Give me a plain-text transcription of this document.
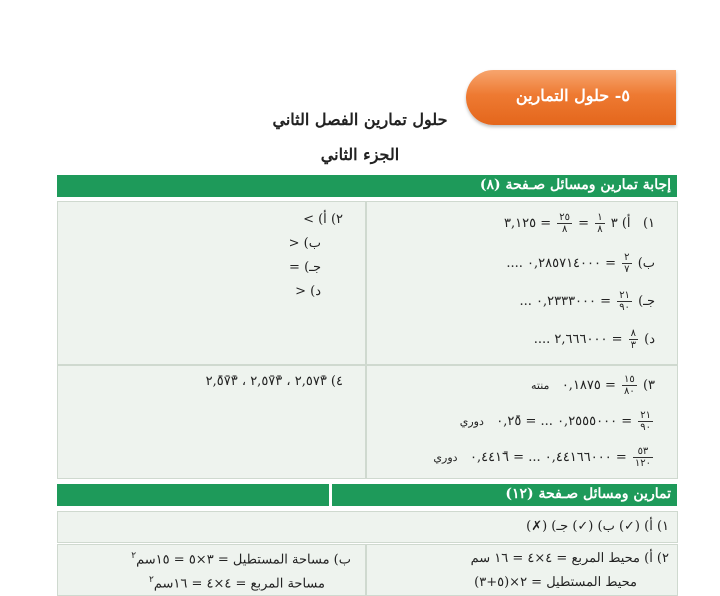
٥- حلول التمارين
حلول تمارين الفصل الثاني
الجزء الثاني
إجابة تمارين ومسائل صـفحة (٨)
١)   أ) ٣
$\frac{١}{٨}$
=
$\frac{٢٥}{٨}$
= ٣,١٢٥
ب)
$\frac{٢}{٧}$
= ٠,٢٨٥٧١٤٠٠٠ ....
جـ)
$\frac{٢١}{٩٠}$
= ٠,٢٣٣٣٠٠٠ ...
د)
$\frac{٨}{٣}$
= ٢,٦٦٦٠٠٠ ....
٢) أ) >
ب) <
جـ) =
د) <
٣)
$\frac{١٥}{٨٠}$
= ٠,١٨٧٥   منته
$\frac{٢١}{٩٠}$
= ٠,٢٥٥٥٠٠٠ ... = ٠,٢٥̄   دوري
$\frac{٥٣}{١٢٠}$
= ٠,٤٤١٦٦٠٠٠ ... = ٠,٤٤١٦̄   دوري
٤) ٢,٥٧٣̄ ، ٢,٥٧̄٣̄ ، ٢,٥̄٧̄٣̄
تمارين ومسائل صـفحة (١٢)
١) أ) (✓) ب) (✓) جـ) (✗)
٢) أ) محيط المربع = ٤×٤ = ١٦ سم
محيط المستطيل = ٢×(٥+٣)
ب) مساحة المستطيل = ٣×٥ = ١٥سم$^٢$
مساحة المربع = ٤×٤ = ١٦سم$^٢$
